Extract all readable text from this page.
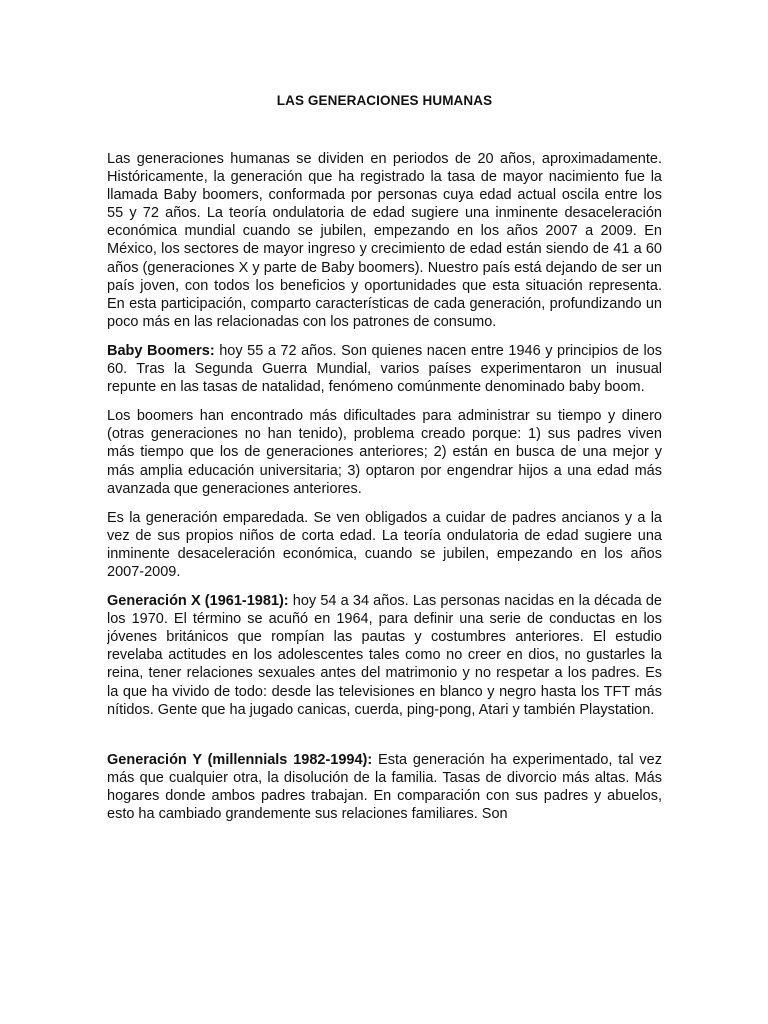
LAS GENERACIONES HUMANAS

Las generaciones humanas se dividen en periodos de 20 años, aproximadamente. Históricamente, la generación que ha registrado la tasa de mayor nacimiento fue la llamada Baby boomers, conformada por personas cuya edad actual oscila entre los 55 y 72 años. La teoría ondulatoria de edad sugiere una inminente desaceleración económica mundial cuando se jubilen, empezando en los años 2007 a 2009. En México, los sectores de mayor ingreso y crecimiento de edad están siendo de 41 a 60 años (generaciones X y parte de Baby boomers). Nuestro país está dejando de ser un país joven, con todos los beneficios y oportunidades que esta situación representa. En esta participación, comparto características de cada generación, profundizando un poco más en las relacionadas con los patrones de consumo.

Baby Boomers: hoy 55 a 72 años. Son quienes nacen entre 1946 y principios de los 60. Tras la Segunda Guerra Mundial, varios países experimentaron un inusual repunte en las tasas de natalidad, fenómeno comúnmente denominado baby boom.

Los boomers han encontrado más dificultades para administrar su tiempo y dinero (otras generaciones no han tenido), problema creado porque: 1) sus padres viven más tiempo que los de generaciones anteriores; 2) están en busca de una mejor y más amplia educación universitaria; 3) optaron por engendrar hijos a una edad más avanzada que generaciones anteriores.

Es la generación emparedada. Se ven obligados a cuidar de padres ancianos y a la vez de sus propios niños de corta edad. La teoría ondulatoria de edad sugiere una inminente desaceleración económica, cuando se jubilen, empezando en los años 2007-2009.

Generación X (1961-1981): hoy 54 a 34 años. Las personas nacidas en la década de los 1970. El término se acuñó en 1964, para definir una serie de conductas en los jóvenes británicos que rompían las pautas y costumbres anteriores. El estudio revelaba actitudes en los adolescentes tales como no creer en dios, no gustarles la reina, tener relaciones sexuales antes del matrimonio y no respetar a los padres. Es la que ha vivido de todo: desde las televisiones en blanco y negro hasta los TFT más nítidos. Gente que ha jugado canicas, cuerda, ping-pong, Atari y también Playstation.

Generación Y (millennials 1982-1994): Esta generación ha experimentado, tal vez más que cualquier otra, la disolución de la familia. Tasas de divorcio más altas. Más hogares donde ambos padres trabajan. En comparación con sus padres y abuelos, esto ha cambiado grandemente sus relaciones familiares. Son
